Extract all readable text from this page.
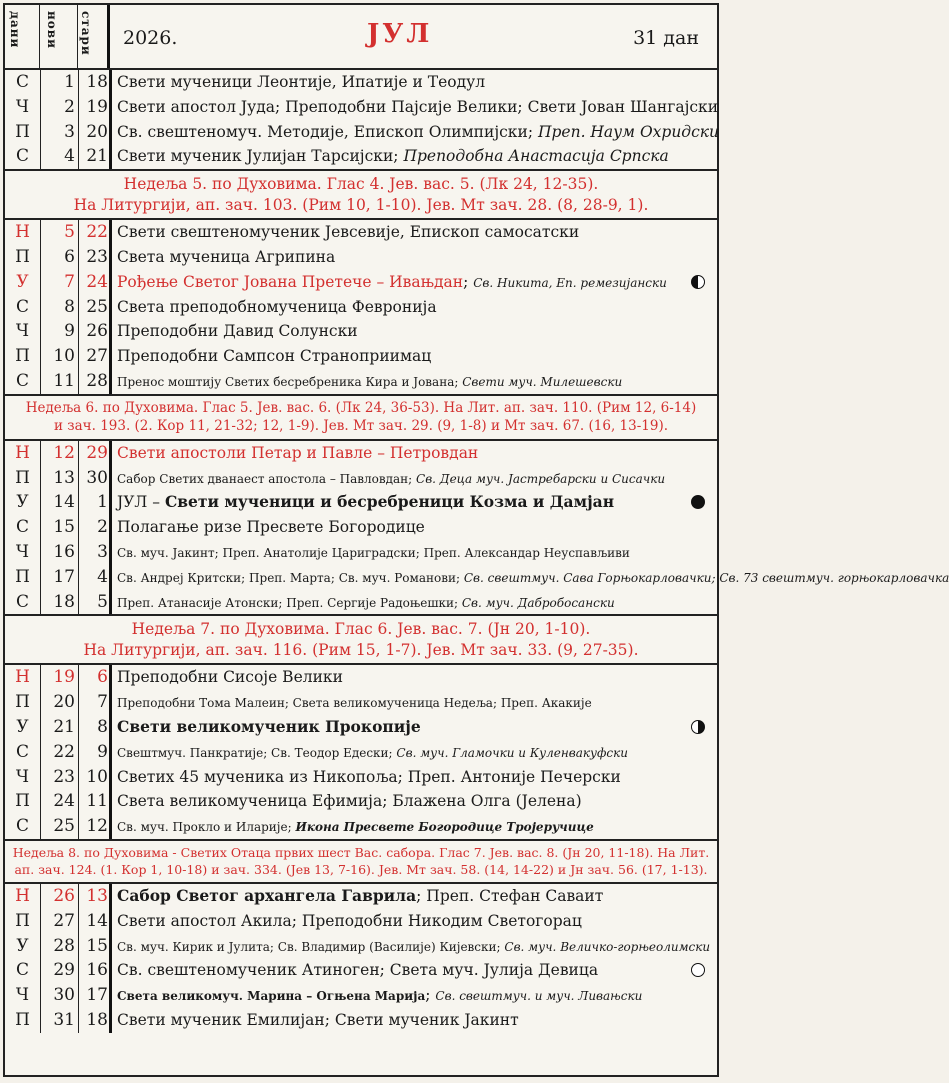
дани нови стари 2026.	ЈУЛ	31 дан
С	1 18 Свети мученици Леонтије, Ипатије и Теодул
Ч	2 19 Свети апостол Јуда; Преподобни Пајсије Велики; Свети Јован Шангајски
П	3 20 Св. свештеномуч. Методије, Епископ Олимпијски; Преп. Наум Охридски
С	4 21 Свети мученик Јулијан Тарсијски; Преподобна Анастасија Српска
Недеља 5. по Духовима. Глас 4. Јев. вас. 5. (Лк 24, 12-35).
На Литургији, ап. зач. 103. (Рим 10, 1-10). Јев. Мт зач. 28. (8, 28-9, 1).
Н	5 22 Свети свештеномученик Јевсевије, Епископ самосатски
П	6 23 Света мученица Агрипина
У	7 24 Рођење Светог Јована Претече – Ивањдан; Св. Никита, Еп. ремезијански
С	8 25 Света преподобномученица Февронија
Ч	9 26 Преподобни Давид Солунски
П	10 27 Преподобни Сампсон Страноприимац
С	11 28 Пренос моштију Светих бесребреника Кира и Јована; Свети муч. Милешевски
Недеља 6. по Духовима. Глас 5. Јев. вас. 6. (Лк 24, 36-53). На Лит. ап. зач. 110. (Рим 12, 6-14)
и зач. 193. (2. Кор 11, 21-32; 12, 1-9). Јев. Мт зач. 29. (9, 1-8) и Мт зач. 67. (16, 13-19).
Н	12 29 Свети апостоли Петар и Павле – Петровдан
П	13 30 Сабор Светих дванаест апостола – Павловдан; Св. Деца муч. Јастребарски и Сисачки
У	14	1 ЈУЛ – Свети мученици и бесребреници Козма и Дамјан
С	15	2 Полагање ризе Пресвете Богородице
Ч	16	3 Св. муч. Јакинт; Преп. Анатолије Цариградски; Преп. Александар Неуспављиви
П	17	4 Св. Андреј Критски; Преп. Марта; Св. муч. Романови; Св. свештмуч. Сава Горњокарловачки; Св. 73 свештмуч. горњокарловачка
С	18	5 Преп. Атанасије Атонски; Преп. Сергије Радоњешки; Св. муч. Дабробосански
Недеља 7. по Духовима. Глас 6. Јев. вас. 7. (Јн 20, 1-10).
На Литургији, ап. зач. 116. (Рим 15, 1-7). Јев. Мт зач. 33. (9, 27-35).
Н	19	6 Преподобни Сисоје Велики
П	20	7 Преподобни Тома Малеин; Света великомученица Недеља; Преп. Акакије
У	21	8 Свети великомученик Прокопије
С	22	9 Свештмуч. Панкратије; Св. Теодор Едески; Св. муч. Гламочки и Куленвакуфски
Ч	23 10 Светих 45 мученика из Никопоља; Преп. Антоније Печерски
П	24 11 Света великомученица Ефимија; Блажена Олга (Јелена)
С	25 12 Св. муч. Прокло и Иларије; Икона Пресвете Богородице Тројеручице
Недеља 8. по Духовима - Светих Отаца првих шест Вас. сабора. Глас 7. Јев. вас. 8. (Јн 20, 11-18). На Лит.
ап. зач. 124. (1. Кор 1, 10-18) и зач. 334. (Јев 13, 7-16). Јев. Мт зач. 58. (14, 14-22) и Јн зач. 56. (17, 1-13).
Н	26 13 Сабор Светог архангела Гаврила; Преп. Стефан Саваит
П	27 14 Свети апостол Акила; Преподобни Никодим Светогорац
У	28 15 Св. муч. Кирик и Јулита; Св. Владимир (Василије) Кијевски; Св. муч. Величко-горњеолимски
С	29 16 Св. свештеномученик Атиноген; Света муч. Јулија Девица
Ч	30 17 Света великомуч. Марина – Огњена Марија; Св. свештмуч. и муч. Ливањски
П	31 18 Свети мученик Емилијан; Свети мученик Јакинт
